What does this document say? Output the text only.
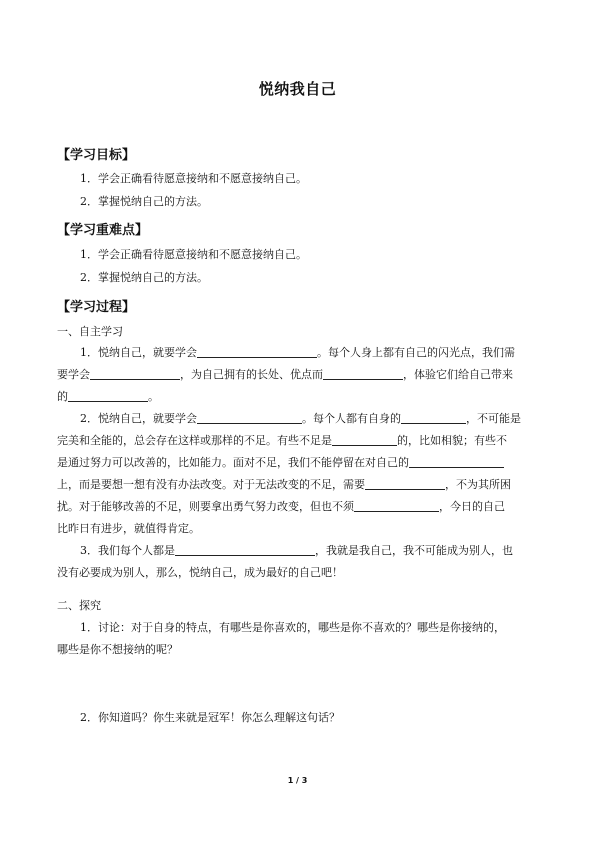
悦纳我自己
【学习目标】
1．学会正确看待愿意接纳和不愿意接纳自己。
2．掌握悦纳自己的方法。
【学习重难点】
1．学会正确看待愿意接纳和不愿意接纳自己。
2．掌握悦纳自己的方法。
【学习过程】
一、自主学习

1．悦纳自己，就要学会	。每个人身上都有自己的闪光点，我们需

要学会	，为自己拥有的长处、优点而	，体验它们给自己带来

的	。

2．悦纳自己，就要学会	。每个人都有自身的	，不可能是

完美和全能的，总会存在这样或那样的不足。有些不足是	的，比如相貌；有些不

是通过努力可以改善的，比如能力。面对不足，我们不能停留在对自己的

上，而是要想一想有没有办法改变。对于无法改变的不足，需要	，不为其所困

扰。对于能够改善的不足，则要拿出勇气努力改变，但也不须	，今日的自己

比昨日有进步，就值得肯定。

3．我们每个人都是	，我就是我自己，我不可能成为别人，也

没有必要成为别人，那么，悦纳自己，成为最好的自己吧！

二、探究
1．讨论：对于自身的特点，有哪些是你喜欢的，哪些是你不喜欢的？哪些是你接纳的，
哪些是你不想接纳的呢？
2．你知道吗？你生来就是冠军！你怎么理解这句话？
1 / 3
